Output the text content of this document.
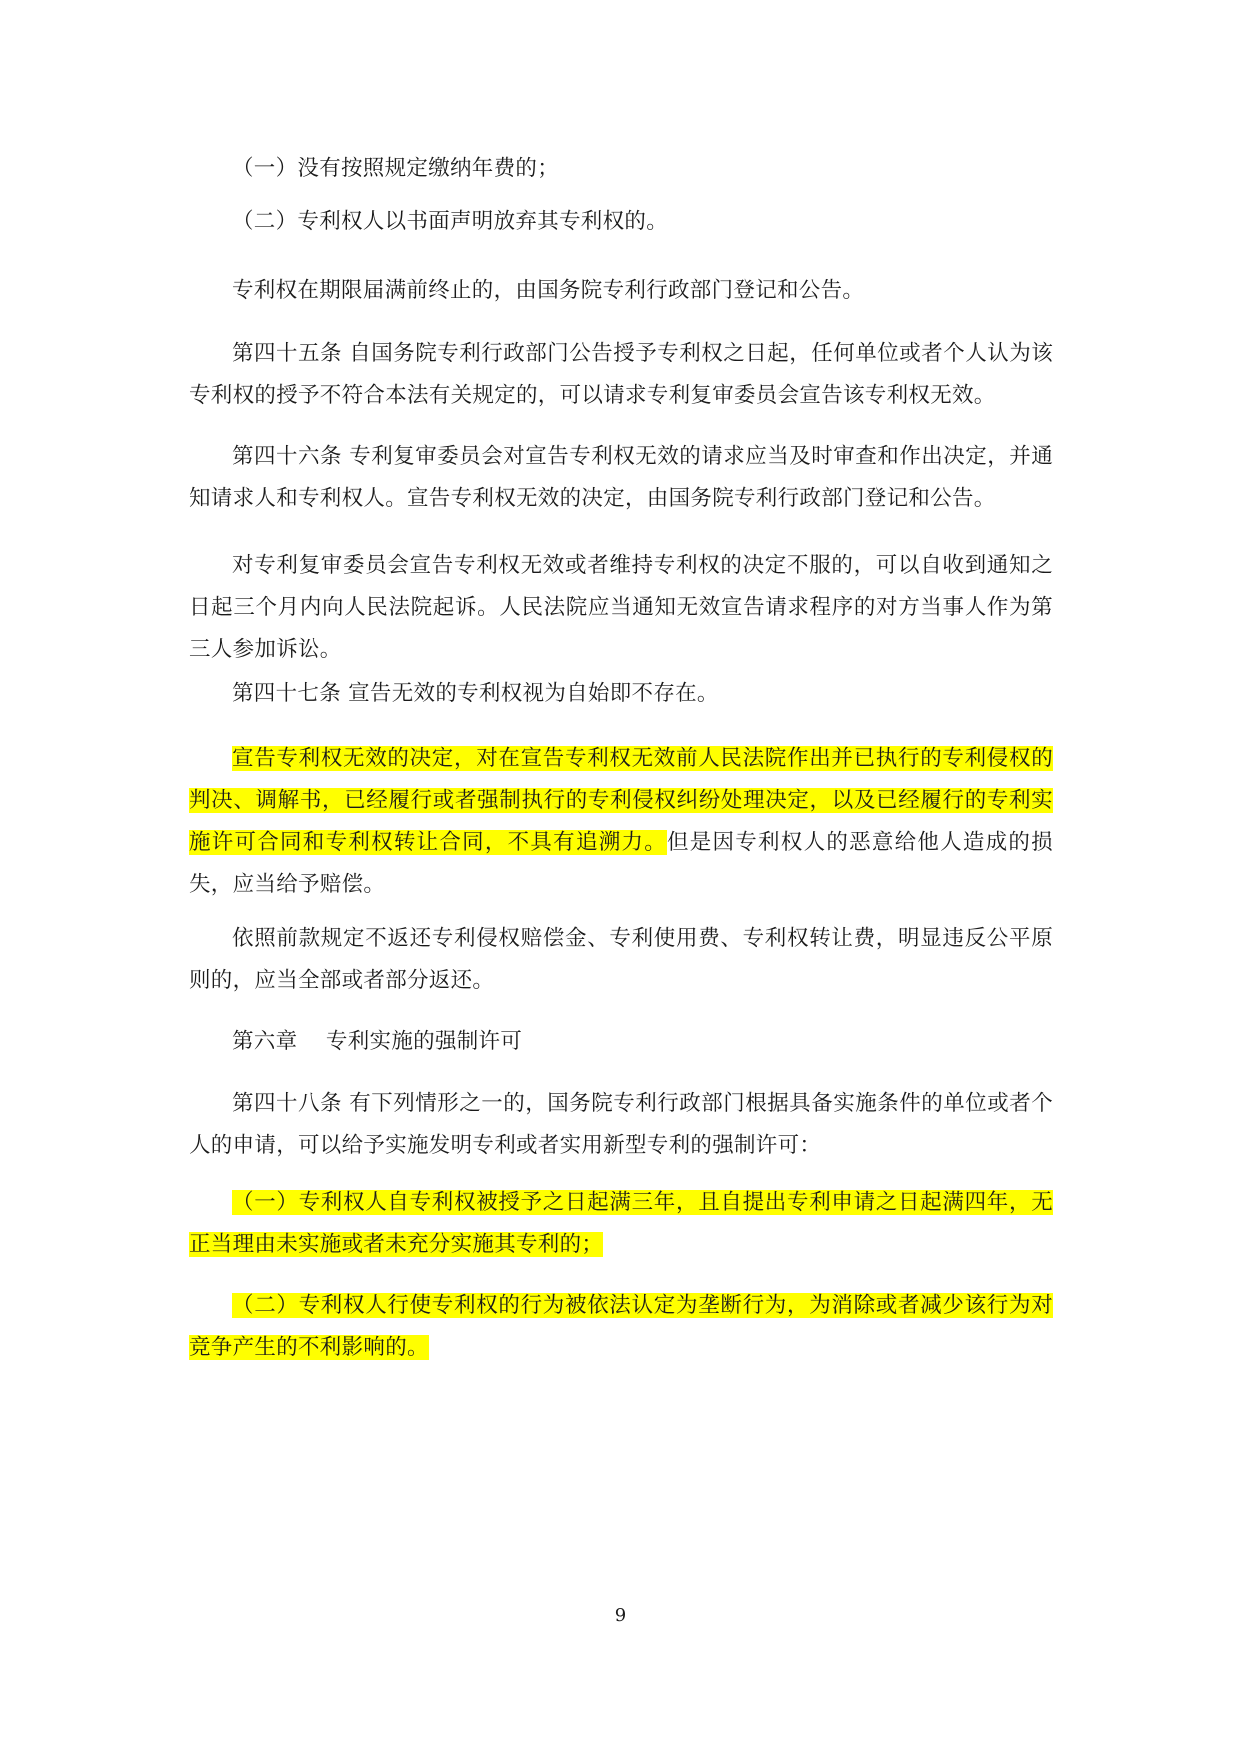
（一）没有按照规定缴纳年费的；

（二）专利权人以书面声明放弃其专利权的。

专利权在期限届满前终止的，由国务院专利行政部门登记和公告。

第四十五条 自国务院专利行政部门公告授予专利权之日起，任何单位或者个人认为该专利权的授予不符合本法有关规定的，可以请求专利复审委员会宣告该专利权无效。

第四十六条 专利复审委员会对宣告专利权无效的请求应当及时审查和作出决定，并通知请求人和专利权人。宣告专利权无效的决定，由国务院专利行政部门登记和公告。

对专利复审委员会宣告专利权无效或者维持专利权的决定不服的，可以自收到通知之日起三个月内向人民法院起诉。人民法院应当通知无效宣告请求程序的对方当事人作为第三人参加诉讼。

第四十七条 宣告无效的专利权视为自始即不存在。

宣告专利权无效的决定，对在宣告专利权无效前人民法院作出并已执行的专利侵权的判决、调解书，已经履行或者强制执行的专利侵权纠纷处理决定，以及已经履行的专利实施许可合同和专利权转让合同，不具有追溯力。但是因专利权人的恶意给他人造成的损失，应当给予赔偿。

依照前款规定不返还专利侵权赔偿金、专利使用费、专利权转让费，明显违反公平原则的，应当全部或者部分返还。

第六章    专利实施的强制许可

第四十八条 有下列情形之一的，国务院专利行政部门根据具备实施条件的单位或者个人的申请，可以给予实施发明专利或者实用新型专利的强制许可：

（一）专利权人自专利权被授予之日起满三年，且自提出专利申请之日起满四年，无正当理由未实施或者未充分实施其专利的；

（二）专利权人行使专利权的行为被依法认定为垄断行为，为消除或者减少该行为对竞争产生的不利影响的。

9
